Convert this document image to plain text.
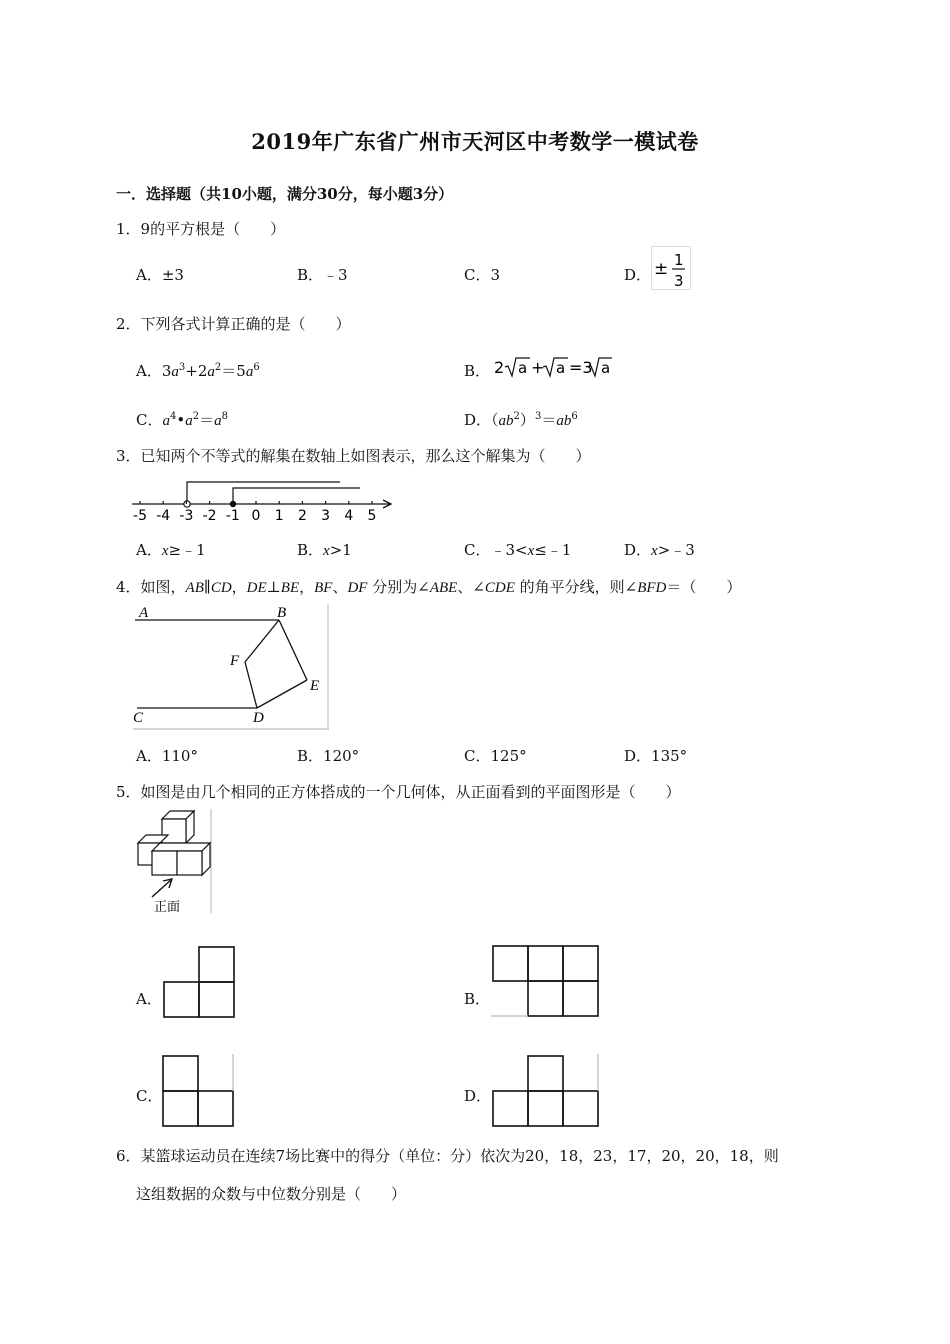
2019年广东省广州市天河区中考数学一模试卷
一．选择题（共10小题，满分30分，每小题3分）
1．9的平方根是（　　）
A．±3	B．﹣3	C．3	D． ± 1
3
2．下列各式计算正确的是（　　）
A．$3a^3+2a^2=5a^6$	B． 2 a + a =3 a
C．$a^4•a^2=a^8$	D．$(ab^2)^3=ab^6$
3．已知两个不等式的解集在数轴上如图表示，那么这个解集为（　　）
-5 -4 -3 -2 -1 0 1 2 3 4 5
A．x≥﹣1	B．x>1	C．﹣3<x≤﹣1	D．x>﹣3
4．如图，AB∥CD，DE⊥BE，BF、DF 分别为∠ABE、∠CDE 的角平分线，则∠BFD＝（　　）
A	B
F
E
C	D
A．110°	B．120°	C．125°	D．135°
5．如图是由几个相同的正方体搭成的一个几何体，从正面看到的平面图形是（　　）
正面
A．	B．
C．	D．
6．某篮球运动员在连续7场比赛中的得分（单位：分）依次为20，18，23，17，20，20，18，则
这组数据的众数与中位数分别是（　　）
